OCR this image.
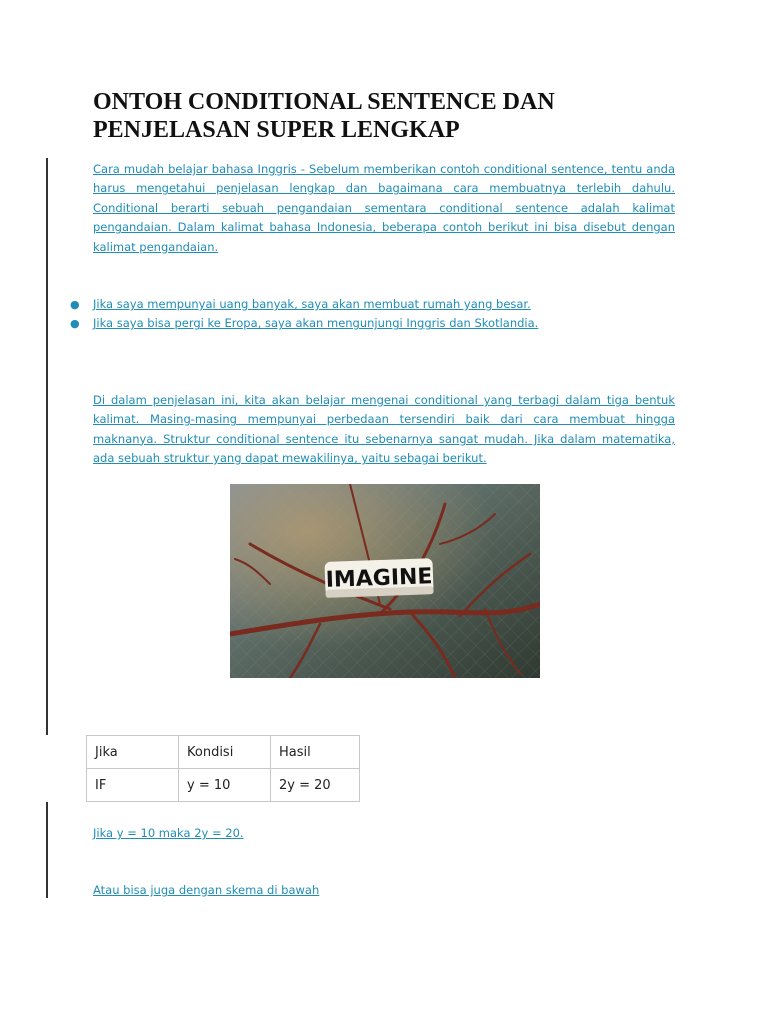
ONTOH CONDITIONAL SENTENCE DAN PENJELASAN SUPER LENGKAP

Cara mudah belajar bahasa Inggris - Sebelum memberikan contoh conditional sentence, tentu anda harus mengetahui penjelasan lengkap dan bagaimana cara membuatnya terlebih dahulu. Conditional berarti sebuah pengandaian sementara conditional sentence adalah kalimat pengandaian. Dalam kalimat bahasa Indonesia, beberapa contoh berikut ini bisa disebut dengan kalimat pengandaian.

● Jika saya mempunyai uang banyak, saya akan membuat rumah yang besar.
● Jika saya bisa pergi ke Eropa, saya akan mengunjungi Inggris dan Skotlandia.

Di dalam penjelasan ini, kita akan belajar mengenai conditional yang terbagi dalam tiga bentuk kalimat. Masing-masing mempunyai perbedaan tersendiri baik dari cara membuat hingga maknanya. Struktur conditional sentence itu sebenarnya sangat mudah. Jika dalam matematika, ada sebuah struktur yang dapat mewakilinya, yaitu sebagai berikut.

IMAGINE
Jika	Kondisi	Hasil
IF	y = 10	2y = 20

Jika y = 10 maka 2y = 20.

Atau bisa juga dengan skema di bawah
